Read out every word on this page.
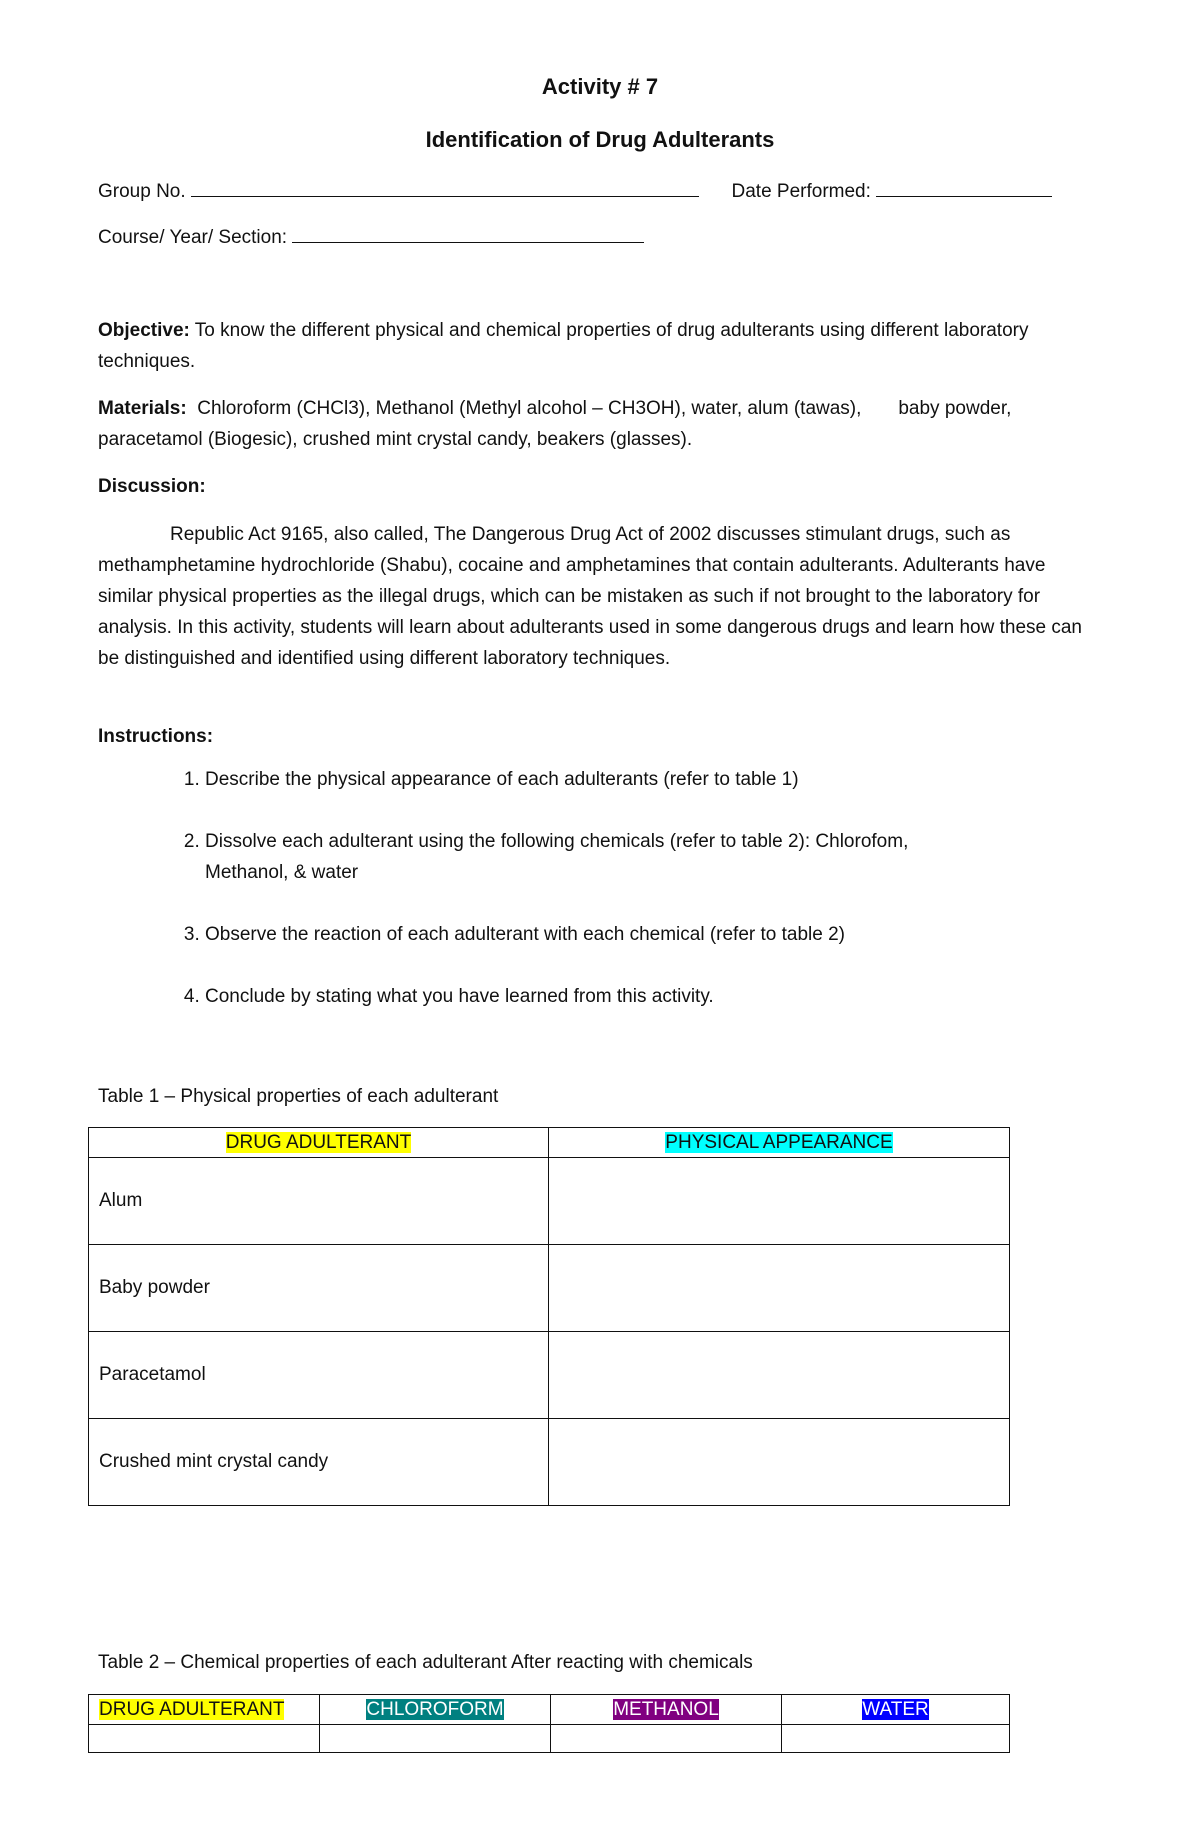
Activity # 7
Identification of Drug Adulterants
Group No.	Date Performed:
Course/ Year/ Section:
Objective: To know the different physical and chemical properties of drug adulterants using different laboratory techniques.
Materials:  Chloroform (CHCl3), Methanol (Methyl alcohol – CH3OH), water, alum (tawas),       baby powder, paracetamol (Biogesic), crushed mint crystal candy, beakers (glasses).
Discussion:
Republic Act 9165, also called, The Dangerous Drug Act of 2002 discusses stimulant drugs, such as methamphetamine hydrochloride (Shabu), cocaine and amphetamines that contain adulterants. Adulterants have similar physical properties as the illegal drugs, which can be mistaken as such if not brought to the laboratory for analysis. In this activity, students will learn about adulterants used in some dangerous drugs and learn how these can be distinguished and identified using different laboratory techniques.
Instructions:
1. Describe the physical appearance of each adulterants (refer to table 1)
2. Dissolve each adulterant using the following chemicals (refer to table 2): Chlorofom, Methanol, & water
3. Observe the reaction of each adulterant with each chemical (refer to table 2)
4. Conclude by stating what you have learned from this activity.
Table 1 – Physical properties of each adulterant
DRUG ADULTERANT	PHYSICAL APPEARANCE
Alum	
Baby powder	
Paracetamol	
Crushed mint crystal candy	
Table 2 – Chemical properties of each adulterant After reacting with chemicals
DRUG ADULTERANT	CHLOROFORM	METHANOL	WATER
